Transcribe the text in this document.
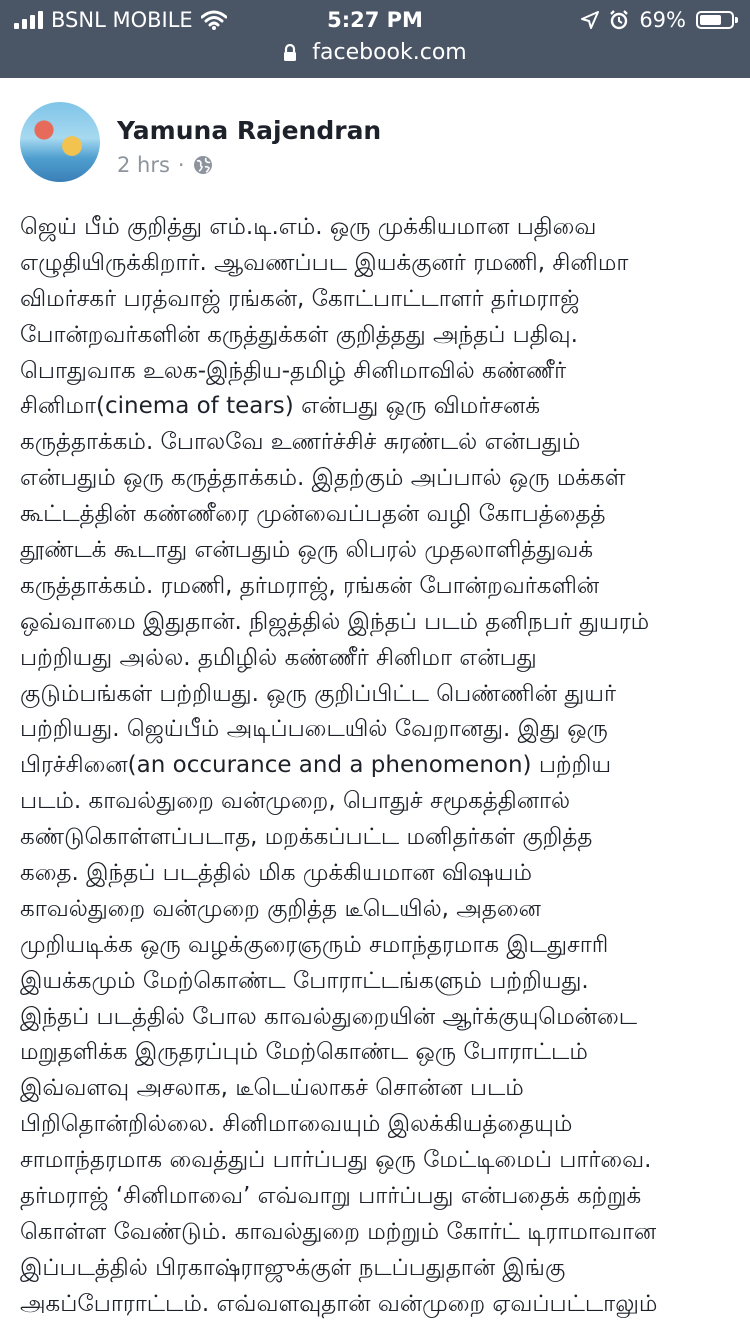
BSNL MOBILE	5:27 PM	69%
facebook.com
Yamuna Rajendran
2 hrs ·
ஜெய் பீம் குறித்து எம்.டி.எம். ஒரு முக்கியமான பதிவை
எழுதியிருக்கிறார். ஆவணப்பட இயக்குனர் ரமணி, சினிமா
விமர்சகர் பரத்வாஜ் ரங்கன், கோட்பாட்டாளர் தர்மராஜ்
போன்றவர்களின் கருத்துக்கள் குறித்தது அந்தப் பதிவு.
பொதுவாக உலக-இந்திய-தமிழ் சினிமாவில் கண்ணீர்
சினிமா(cinema of tears) என்பது ஒரு விமர்சனக்
கருத்தாக்கம். போலவே உணர்ச்சிச் சுரண்டல் என்பதும்
என்பதும் ஒரு கருத்தாக்கம். இதற்கும் அப்பால் ஒரு மக்கள்
கூட்டத்தின் கண்ணீரை முன்வைப்பதன் வழி கோபத்தைத்
தூண்டக் கூடாது என்பதும் ஒரு லிபரல் முதலாளித்துவக்
கருத்தாக்கம். ரமணி, தர்மராஜ், ரங்கன் போன்றவர்களின்
ஒவ்வாமை இதுதான். நிஜத்தில் இந்தப் படம் தனிநபர் துயரம்
பற்றியது அல்ல. தமிழில் கண்ணீர் சினிமா என்பது
குடும்பங்கள் பற்றியது. ஒரு குறிப்பிட்ட பெண்ணின் துயர்
பற்றியது. ஜெய்பீம் அடிப்படையில் வேறானது. இது ஒரு
பிரச்சினை(an occurance and a phenomenon) பற்றிய
படம். காவல்துறை வன்முறை, பொதுச் சமூகத்தினால்
கண்டுகொள்ளப்படாத, மறக்கப்பட்ட மனிதர்கள் குறித்த
கதை. இந்தப் படத்தில் மிக முக்கியமான விஷயம்
காவல்துறை வன்முறை குறித்த டீடெயில், அதனை
முறியடிக்க ஒரு வழக்குரைஞரும் சமாந்தரமாக இடதுசாரி
இயக்கமும் மேற்கொண்ட போராட்டங்களும் பற்றியது.
இந்தப் படத்தில் போல காவல்துறையின் ஆர்க்குயுமென்டை
மறுதளிக்க இருதரப்பும் மேற்கொண்ட ஒரு போராட்டம்
இவ்வளவு அசலாக, டீடெய்லாகச் சொன்ன படம்
பிறிதொன்றில்லை. சினிமாவையும் இலக்கியத்தையும்
சாமாந்தரமாக வைத்துப் பார்ப்பது ஒரு மேட்டிமைப் பார்வை.
தர்மராஜ் ‘சினிமாவை’ எவ்வாறு பார்ப்பது என்பதைக் கற்றுக்
கொள்ள வேண்டும். காவல்துறை மற்றும் கோர்ட் டிராமாவான
இப்படத்தில் பிரகாஷ்ராஜுக்குள் நடப்பதுதான் இங்கு
அகப்போராட்டம். எவ்வளவுதான் வன்முறை ஏவப்பட்டாலும்
